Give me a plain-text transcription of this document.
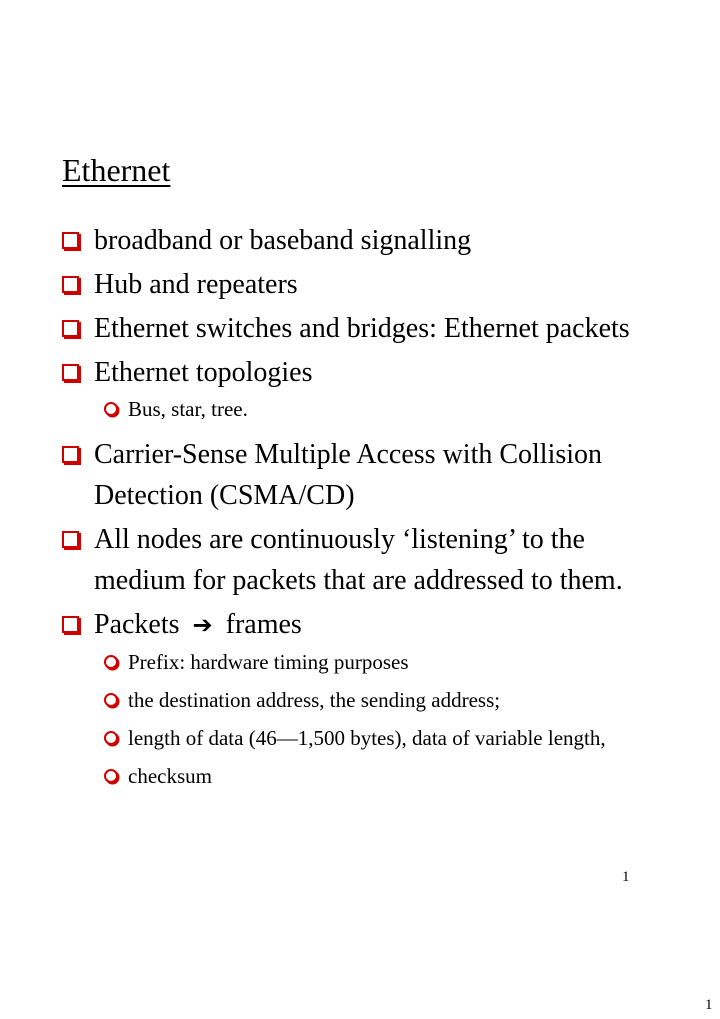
Ethernet
broadband or baseband signalling
Hub and repeaters
Ethernet switches and bridges: Ethernet packets
Ethernet topologies
Bus, star, tree.
Carrier-Sense Multiple Access with Collision Detection (CSMA/CD)
All nodes are continuously ‘listening’ to the medium for packets that are addressed to them.
Packets ➔ frames
Prefix: hardware timing purposes
the destination address, the sending address;
length of data (46—1,500 bytes), data of variable length,
checksum
1
1
